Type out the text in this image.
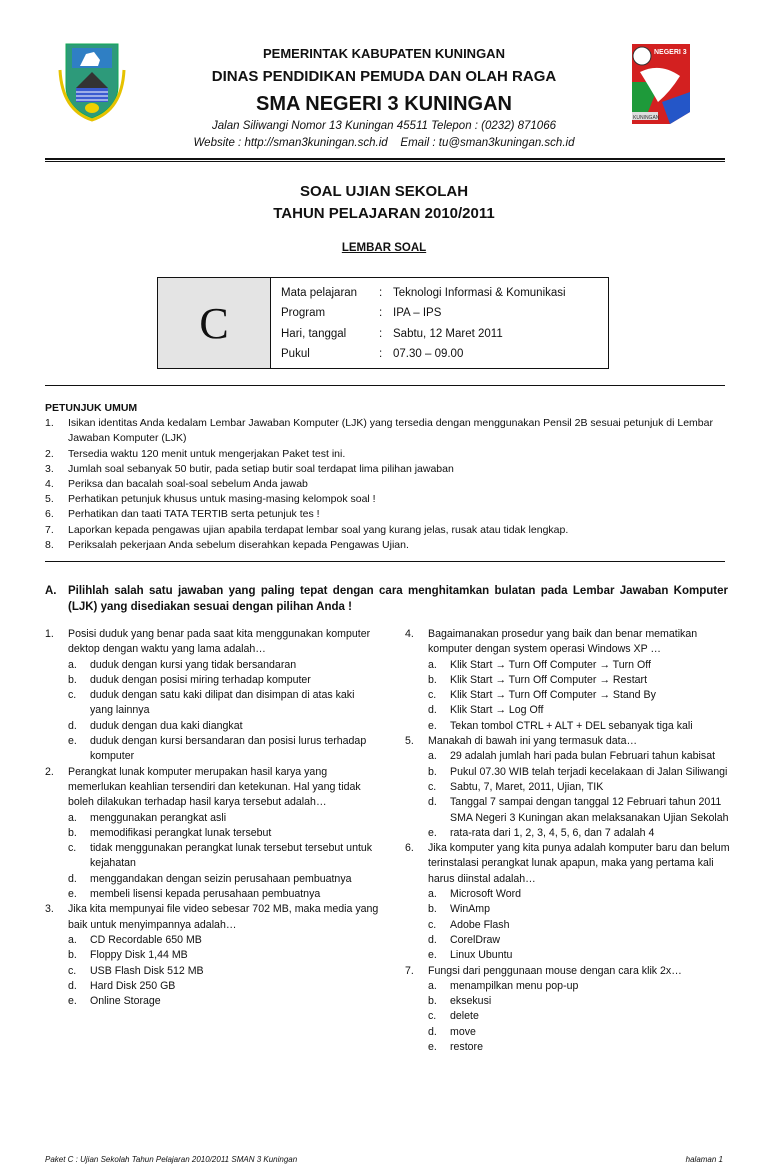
NEGERI 3
KUNINGAN
PEMERINTAK KABUPATEN KUNINGAN
DINAS PENDIDIKAN PEMUDA DAN OLAH RAGA
SMA NEGERI 3 KUNINGAN
Jalan Siliwangi Nomor 13 Kuningan 45511 Telepon : (0232) 871066
Website : http://sman3kuningan.sch.id    Email : tu@sman3kuningan.sch.id
SOAL UJIAN SEKOLAH
TAHUN PELAJARAN 2010/2011
LEMBAR SOAL
C
Mata pelajaran	:	Teknologi Informasi & Komunikasi
Program	:	IPA – IPS
Hari, tanggal	:	Sabtu, 12 Maret 2011
Pukul	:	07.30 – 09.00
PETUNJUK UMUM
1.	Isikan identitas Anda kedalam Lembar Jawaban Komputer (LJK) yang tersedia dengan menggunakan Pensil 2B sesuai petunjuk di Lembar Jawaban Komputer (LJK)
2.	Tersedia waktu 120 menit untuk mengerjakan Paket test ini.
3.	Jumlah soal sebanyak 50 butir, pada setiap butir soal terdapat lima pilihan jawaban
4.	Periksa dan bacalah soal-soal sebelum Anda jawab
5.	Perhatikan petunjuk khusus untuk masing-masing kelompok soal !
6.	Perhatikan dan taati TATA TERTIB serta petunjuk tes !
7.	Laporkan kepada pengawas ujian apabila terdapat lembar soal yang kurang jelas, rusak atau tidak lengkap.
8.	Periksalah pekerjaan Anda sebelum diserahkan kepada Pengawas Ujian.
A.	Pilihlah salah satu jawaban yang paling tepat dengan cara menghitamkan bulatan pada Lembar Jawaban Komputer (LJK) yang disediakan sesuai dengan pilihan Anda !
1.	Posisi duduk yang benar pada saat kita menggunakan komputer dektop dengan waktu yang lama adalah…
a.	duduk dengan kursi yang tidak bersandaran
b.	duduk dengan posisi miring terhadap komputer
c.	duduk dengan satu kaki dilipat dan disimpan di atas kaki yang lainnya
d.	duduk dengan dua kaki diangkat
e.	duduk dengan kursi bersandaran dan posisi lurus terhadap komputer
2.	Perangkat lunak komputer merupakan hasil karya yang memerlukan keahlian tersendiri dan ketekunan. Hal yang tidak boleh dilakukan terhadap hasil karya tersebut adalah…
a.	menggunakan perangkat asli
b.	memodifikasi perangkat lunak tersebut
c.	tidak menggunakan perangkat lunak tersebut tersebut untuk kejahatan
d.	menggandakan dengan seizin perusahaan pembuatnya
e.	membeli lisensi kepada perusahaan pembuatnya
3.	Jika kita mempunyai file video sebesar 702 MB, maka media yang baik untuk menyimpannya adalah…
a.	CD Recordable 650 MB
b.	Floppy Disk 1,44 MB
c.	USB Flash Disk 512 MB
d.	Hard Disk 250 GB
e.	Online Storage
4.	Bagaimanakan prosedur yang baik dan benar mematikan komputer dengan system operasi Windows XP …
a.	Klik Start → Turn Off Computer → Turn Off
b.	Klik Start → Turn Off Computer → Restart
c.	Klik Start → Turn Off Computer → Stand By
d.	Klik Start → Log Off
e.	Tekan tombol CTRL + ALT + DEL sebanyak tiga kali
5.	Manakah di bawah ini yang termasuk data…
a.	29 adalah jumlah hari pada bulan Februari tahun kabisat
b.	Pukul 07.30 WIB telah terjadi kecelakaan di Jalan Siliwangi
c.	Sabtu, 7, Maret, 2011, Ujian, TIK
d.	Tanggal 7 sampai dengan tanggal 12 Februari tahun 2011 SMA Negeri 3 Kuningan akan melaksanakan Ujian Sekolah
e.	rata-rata dari 1, 2, 3, 4, 5, 6, dan 7 adalah 4
6.	Jika komputer yang kita punya adalah komputer baru dan belum terinstalasi perangkat lunak apapun, maka yang pertama kali harus diinstal adalah…
a.	Microsoft Word
b.	WinAmp
c.	Adobe Flash
d.	CorelDraw
e.	Linux Ubuntu
7.	Fungsi dari penggunaan mouse dengan cara klik 2x…
a.	menampilkan menu pop-up
b.	eksekusi
c.	delete
d.	move
e.	restore
Paket C : Ujian Sekolah Tahun Pelajaran 2010/2011 SMAN 3 Kuningan	halaman 1
